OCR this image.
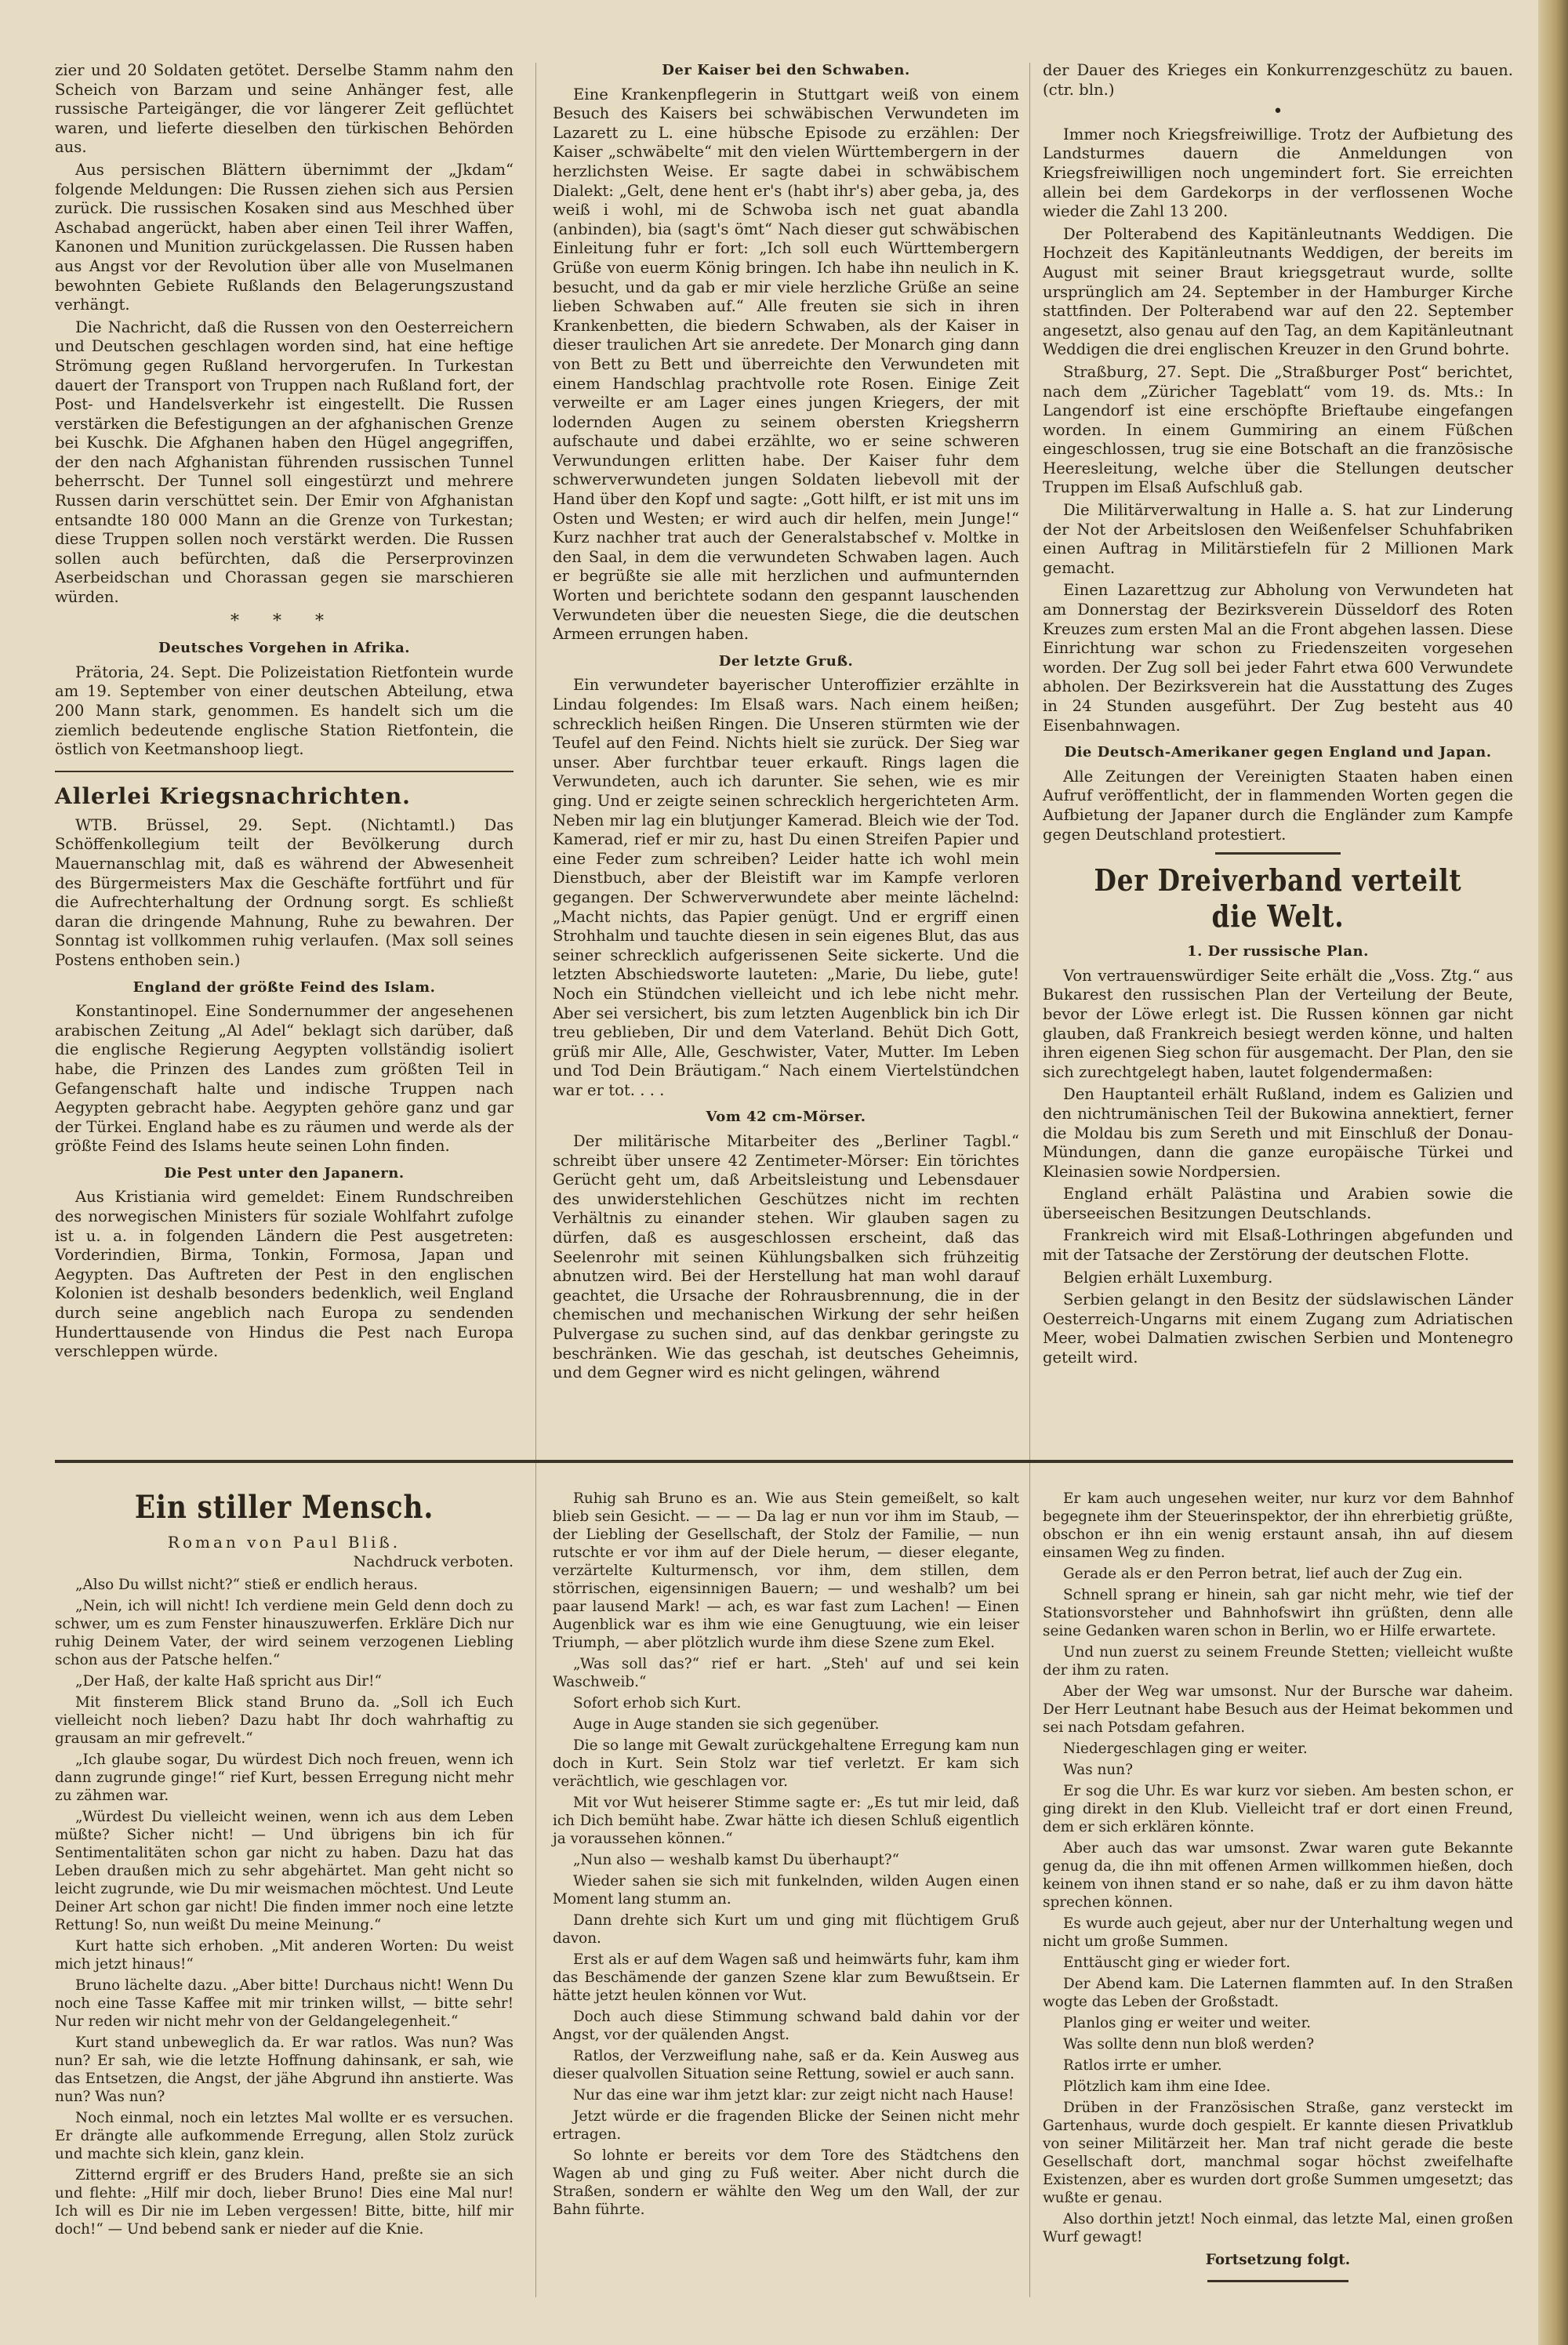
zier und 20 Soldaten getötet. Derselbe Stamm nahm den Scheich von Barzam und seine Anhänger fest, alle russische Parteigänger, die vor längerer Zeit geflüchtet waren, und lieferte dieselben den türkischen Behörden aus.

Aus persischen Blättern übernimmt der „Jkdam“ folgende Meldungen: Die Russen ziehen sich aus Persien zurück. Die russischen Kosaken sind aus Meschhed über Aschabad angerückt, haben aber einen Teil ihrer Waffen, Kanonen und Munition zurückgelassen. Die Russen haben aus Angst vor der Revolution über alle von Muselmanen bewohnten Gebiete Rußlands den Belagerungszustand verhängt.

Die Nachricht, daß die Russen von den Oesterreichern und Deutschen geschlagen worden sind, hat eine heftige Strömung gegen Rußland hervorgerufen. In Turkestan dauert der Transport von Truppen nach Rußland fort, der Post- und Handelsverkehr ist eingestellt. Die Russen verstärken die Befestigungen an der afghanischen Grenze bei Kuschk. Die Afghanen haben den Hügel angegriffen, der den nach Afghanistan führenden russischen Tunnel beherrscht. Der Tunnel soll eingestürzt und mehrere Russen darin verschüttet sein. Der Emir von Afghanistan entsandte 180 000 Mann an die Grenze von Turkestan; diese Truppen sollen noch verstärkt werden. Die Russen sollen auch befürchten, daß die Perserprovinzen Aserbeidschan und Chorassan gegen sie marschieren würden.

* * *
Deutsches Vorgehen in Afrika.

Prätoria, 24. Sept. Die Polizeistation Rietfontein wurde am 19. September von einer deutschen Abteilung, etwa 200 Mann stark, genommen. Es handelt sich um die ziemlich bedeutende englische Station Rietfontein, die östlich von Keetmanshoop liegt.

Allerlei Kriegsnachrichten.

WTB. Brüssel, 29. Sept. (Nichtamtl.) Das Schöffenkollegium teilt der Bevölkerung durch Mauernanschlag mit, daß es während der Abwesenheit des Bürgermeisters Max die Geschäfte fortführt und für die Aufrechterhaltung der Ordnung sorgt. Es schließt daran die dringende Mahnung, Ruhe zu bewahren. Der Sonntag ist vollkommen ruhig verlaufen. (Max soll seines Postens enthoben sein.)

England der größte Feind des Islam.

Konstantinopel. Eine Sondernummer der angesehenen arabischen Zeitung „Al Adel“ beklagt sich darüber, daß die englische Regierung Aegypten vollständig isoliert habe, die Prinzen des Landes zum größten Teil in Gefangenschaft halte und indische Truppen nach Aegypten gebracht habe. Aegypten gehöre ganz und gar der Türkei. England habe es zu räumen und werde als der größte Feind des Islams heute seinen Lohn finden.

Die Pest unter den Japanern.

Aus Kristiania wird gemeldet: Einem Rundschreiben des norwegischen Ministers für soziale Wohlfahrt zufolge ist u. a. in folgenden Ländern die Pest ausgetreten: Vorderindien, Birma, Tonkin, Formosa, Japan und Aegypten. Das Auftreten der Pest in den englischen Kolonien ist deshalb besonders bedenklich, weil England durch seine angeblich nach Europa zu sendenden Hunderttausende von Hindus die Pest nach Europa verschleppen würde.

Der Kaiser bei den Schwaben.

Eine Krankenpflegerin in Stuttgart weiß von einem Besuch des Kaisers bei schwäbischen Verwundeten im Lazarett zu L. eine hübsche Episode zu erzählen: Der Kaiser „schwäbelte“ mit den vielen Württembergern in der herzlichsten Weise. Er sagte dabei in schwäbischem Dialekt: „Gelt, dene hent er's (habt ihr's) aber geba, ja, des weiß i wohl, mi de Schwoba isch net guat abandla (anbinden), bia (sagt's ömt“ Nach dieser gut schwäbischen Einleitung fuhr er fort: „Ich soll euch Württembergern Grüße von euerm König bringen. Ich habe ihn neulich in K. besucht, und da gab er mir viele herzliche Grüße an seine lieben Schwaben auf.“ Alle freuten sie sich in ihren Krankenbetten, die biedern Schwaben, als der Kaiser in dieser traulichen Art sie anredete. Der Monarch ging dann von Bett zu Bett und überreichte den Verwundeten mit einem Handschlag prachtvolle rote Rosen. Einige Zeit verweilte er am Lager eines jungen Kriegers, der mit lodernden Augen zu seinem obersten Kriegsherrn aufschaute und dabei erzählte, wo er seine schweren Verwundungen erlitten habe. Der Kaiser fuhr dem schwerverwundeten jungen Soldaten liebevoll mit der Hand über den Kopf und sagte: „Gott hilft, er ist mit uns im Osten und Westen; er wird auch dir helfen, mein Junge!“ Kurz nachher trat auch der Generalstabschef v. Moltke in den Saal, in dem die verwundeten Schwaben lagen. Auch er begrüßte sie alle mit herzlichen und aufmunternden Worten und berichtete sodann den gespannt lauschenden Verwundeten über die neuesten Siege, die die deutschen Armeen errungen haben.

Der letzte Gruß.

Ein verwundeter bayerischer Unteroffizier erzählte in Lindau folgendes: Im Elsaß wars. Nach einem heißen; schrecklich heißen Ringen. Die Unseren stürmten wie der Teufel auf den Feind. Nichts hielt sie zurück. Der Sieg war unser. Aber furchtbar teuer erkauft. Rings lagen die Verwundeten, auch ich darunter. Sie sehen, wie es mir ging. Und er zeigte seinen schrecklich hergerichteten Arm. Neben mir lag ein blutjunger Kamerad. Bleich wie der Tod. Kamerad, rief er mir zu, hast Du einen Streifen Papier und eine Feder zum schreiben? Leider hatte ich wohl mein Dienstbuch, aber der Bleistift war im Kampfe verloren gegangen. Der Schwerverwundete aber meinte lächelnd: „Macht nichts, das Papier genügt. Und er ergriff einen Strohhalm und tauchte diesen in sein eigenes Blut, das aus seiner schrecklich aufgerissenen Seite sickerte. Und die letzten Abschiedsworte lauteten: „Marie, Du liebe, gute! Noch ein Stündchen vielleicht und ich lebe nicht mehr. Aber sei versichert, bis zum letzten Augenblick bin ich Dir treu geblieben, Dir und dem Vaterland. Behüt Dich Gott, grüß mir Alle, Alle, Geschwister, Vater, Mutter. Im Leben und Tod Dein Bräutigam.“ Nach einem Viertelstündchen war er tot. . . .

Vom 42 cm-Mörser.

Der militärische Mitarbeiter des „Berliner Tagbl.“ schreibt über unsere 42 Zentimeter-Mörser: Ein törichtes Gerücht geht um, daß Arbeitsleistung und Lebensdauer des unwiderstehlichen Geschützes nicht im rechten Verhältnis zu einander stehen. Wir glauben sagen zu dürfen, daß es ausgeschlossen erscheint, daß das Seelenrohr mit seinen Kühlungsbalken sich frühzeitig abnutzen wird. Bei der Herstellung hat man wohl darauf geachtet, die Ursache der Rohrausbrennung, die in der chemischen und mechanischen Wirkung der sehr heißen Pulvergase zu suchen sind, auf das denkbar geringste zu beschränken. Wie das geschah, ist deutsches Geheimnis, und dem Gegner wird es nicht gelingen, während

der Dauer des Krieges ein Konkurrenzgeschütz zu bauen. (ctr. bln.)

•

Immer noch Kriegsfreiwillige. Trotz der Aufbietung des Landsturmes dauern die Anmeldungen von Kriegsfreiwilligen noch ungemindert fort. Sie erreichten allein bei dem Gardekorps in der verflossenen Woche wieder die Zahl 13 200.

Der Polterabend des Kapitänleutnants Weddigen. Die Hochzeit des Kapitänleutnants Weddigen, der bereits im August mit seiner Braut kriegsgetraut wurde, sollte ursprünglich am 24. September in der Hamburger Kirche stattfinden. Der Polterabend war auf den 22. September angesetzt, also genau auf den Tag, an dem Kapitänleutnant Weddigen die drei englischen Kreuzer in den Grund bohrte.

Straßburg, 27. Sept. Die „Straßburger Post“ berichtet, nach dem „Züricher Tageblatt“ vom 19. ds. Mts.: In Langendorf ist eine erschöpfte Brieftaube eingefangen worden. In einem Gummiring an einem Füßchen eingeschlossen, trug sie eine Botschaft an die französische Heeresleitung, welche über die Stellungen deutscher Truppen im Elsaß Aufschluß gab.

Die Militärverwaltung in Halle a. S. hat zur Linderung der Not der Arbeitslosen den Weißenfelser Schuhfabriken einen Auftrag in Militärstiefeln für 2 Millionen Mark gemacht.

Einen Lazarettzug zur Abholung von Verwundeten hat am Donnerstag der Bezirksverein Düsseldorf des Roten Kreuzes zum ersten Mal an die Front abgehen lassen. Diese Einrichtung war schon zu Friedenszeiten vorgesehen worden. Der Zug soll bei jeder Fahrt etwa 600 Verwundete abholen. Der Bezirksverein hat die Ausstattung des Zuges in 24 Stunden ausgeführt. Der Zug besteht aus 40 Eisenbahnwagen.

Die Deutsch-Amerikaner gegen England und Japan.

Alle Zeitungen der Vereinigten Staaten haben einen Aufruf veröffentlicht, der in flammenden Worten gegen die Aufbietung der Japaner durch die Engländer zum Kampfe gegen Deutschland protestiert.

Der Dreiverband verteilt die Welt.
1. Der russische Plan.

Von vertrauenswürdiger Seite erhält die „Voss. Ztg.“ aus Bukarest den russischen Plan der Verteilung der Beute, bevor der Löwe erlegt ist. Die Russen können gar nicht glauben, daß Frankreich besiegt werden könne, und halten ihren eigenen Sieg schon für ausgemacht. Der Plan, den sie sich zurechtgelegt haben, lautet folgendermaßen:

Den Hauptanteil erhält Rußland, indem es Galizien und den nichtrumänischen Teil der Bukowina annektiert, ferner die Moldau bis zum Sereth und mit Einschluß der Donau-Mündungen, dann die ganze europäische Türkei und Kleinasien sowie Nordpersien.

England erhält Palästina und Arabien sowie die überseeischen Besitzungen Deutschlands.

Frankreich wird mit Elsaß-Lothringen abgefunden und mit der Tatsache der Zerstörung der deutschen Flotte.

Belgien erhält Luxemburg.

Serbien gelangt in den Besitz der südslawischen Länder Oesterreich-Ungarns mit einem Zugang zum Adriatischen Meer, wobei Dalmatien zwischen Serbien und Montenegro geteilt wird.

Ein stiller Mensch.
Roman von Paul Bliß.
Nachdruck verboten.

„Also Du willst nicht?“ stieß er endlich heraus.

„Nein, ich will nicht! Ich verdiene mein Geld denn doch zu schwer, um es zum Fenster hinauszuwerfen. Erkläre Dich nur ruhig Deinem Vater, der wird seinem verzogenen Liebling schon aus der Patsche helfen.“

„Der Haß, der kalte Haß spricht aus Dir!“

Mit finsterem Blick stand Bruno da. „Soll ich Euch vielleicht noch lieben? Dazu habt Ihr doch wahrhaftig zu grausam an mir gefrevelt.“

„Ich glaube sogar, Du würdest Dich noch freuen, wenn ich dann zugrunde ginge!“ rief Kurt, bessen Erregung nicht mehr zu zähmen war.

„Würdest Du vielleicht weinen, wenn ich aus dem Leben müßte? Sicher nicht! — Und übrigens bin ich für Sentimentalitäten schon gar nicht zu haben. Dazu hat das Leben draußen mich zu sehr abgehärtet. Man geht nicht so leicht zugrunde, wie Du mir weismachen möchtest. Und Leute Deiner Art schon gar nicht! Die finden immer noch eine letzte Rettung! So, nun weißt Du meine Meinung.“

Kurt hatte sich erhoben. „Mit anderen Worten: Du weist mich jetzt hinaus!“

Bruno lächelte dazu. „Aber bitte! Durchaus nicht! Wenn Du noch eine Tasse Kaffee mit mir trinken willst, — bitte sehr! Nur reden wir nicht mehr von der Geldangelegenheit.“

Kurt stand unbeweglich da. Er war ratlos. Was nun? Was nun? Er sah, wie die letzte Hoffnung dahinsank, er sah, wie das Entsetzen, die Angst, der jähe Abgrund ihn anstierte. Was nun? Was nun?

Noch einmal, noch ein letztes Mal wollte er es versuchen. Er drängte alle aufkommende Erregung, allen Stolz zurück und machte sich klein, ganz klein.

Zitternd ergriff er des Bruders Hand, preßte sie an sich und flehte: „Hilf mir doch, lieber Bruno! Dies eine Mal nur! Ich will es Dir nie im Leben vergessen! Bitte, bitte, hilf mir doch!“ — Und bebend sank er nieder auf die Knie.

Ruhig sah Bruno es an. Wie aus Stein gemeißelt, so kalt blieb sein Gesicht. — — — Da lag er nun vor ihm im Staub, — der Liebling der Gesellschaft, der Stolz der Familie, — nun rutschte er vor ihm auf der Diele herum, — dieser elegante, verzärtelte Kulturmensch, vor ihm, dem stillen, dem störrischen, eigensinnigen Bauern; — und weshalb? um bei paar lausend Mark! — ach, es war fast zum Lachen! — Einen Augenblick war es ihm wie eine Genugtuung, wie ein leiser Triumph, — aber plötzlich wurde ihm diese Szene zum Ekel.

„Was soll das?“ rief er hart. „Steh' auf und sei kein Waschweib.“

Sofort erhob sich Kurt.

Auge in Auge standen sie sich gegenüber.

Die so lange mit Gewalt zurückgehaltene Erregung kam nun doch in Kurt. Sein Stolz war tief verletzt. Er kam sich verächtlich, wie geschlagen vor.

Mit vor Wut heiserer Stimme sagte er: „Es tut mir leid, daß ich Dich bemüht habe. Zwar hätte ich diesen Schluß eigentlich ja voraussehen können.“

„Nun also — weshalb kamst Du überhaupt?“

Wieder sahen sie sich mit funkelnden, wilden Augen einen Moment lang stumm an.

Dann drehte sich Kurt um und ging mit flüchtigem Gruß davon.

Erst als er auf dem Wagen saß und heimwärts fuhr, kam ihm das Beschämende der ganzen Szene klar zum Bewußtsein. Er hätte jetzt heulen können vor Wut.

Doch auch diese Stimmung schwand bald dahin vor der Angst, vor der quälenden Angst.

Ratlos, der Verzweiflung nahe, saß er da. Kein Ausweg aus dieser qualvollen Situation seine Rettung, sowiel er auch sann.

Nur das eine war ihm jetzt klar: zur zeigt nicht nach Hause!

Jetzt würde er die fragenden Blicke der Seinen nicht mehr ertragen.

So lohnte er bereits vor dem Tore des Städtchens den Wagen ab und ging zu Fuß weiter. Aber nicht durch die Straßen, sondern er wählte den Weg um den Wall, der zur Bahn führte.

Er kam auch ungesehen weiter, nur kurz vor dem Bahnhof begegnete ihm der Steuerinspektor, der ihn ehrerbietig grüßte, obschon er ihn ein wenig erstaunt ansah, ihn auf diesem einsamen Weg zu finden.

Gerade als er den Perron betrat, lief auch der Zug ein.

Schnell sprang er hinein, sah gar nicht mehr, wie tief der Stationsvorsteher und Bahnhofswirt ihn grüßten, denn alle seine Gedanken waren schon in Berlin, wo er Hilfe erwartete.

Und nun zuerst zu seinem Freunde Stetten; vielleicht wußte der ihm zu raten.

Aber der Weg war umsonst. Nur der Bursche war daheim. Der Herr Leutnant habe Besuch aus der Heimat bekommen und sei nach Potsdam gefahren.

Niedergeschlagen ging er weiter.

Was nun?

Er sog die Uhr. Es war kurz vor sieben. Am besten schon, er ging direkt in den Klub. Vielleicht traf er dort einen Freund, dem er sich erklären könnte.

Aber auch das war umsonst. Zwar waren gute Bekannte genug da, die ihn mit offenen Armen willkommen hießen, doch keinem von ihnen stand er so nahe, daß er zu ihm davon hätte sprechen können.

Es wurde auch gejeut, aber nur der Unterhaltung wegen und nicht um große Summen.

Enttäuscht ging er wieder fort.

Der Abend kam. Die Laternen flammten auf. In den Straßen wogte das Leben der Großstadt.

Planlos ging er weiter und weiter.

Was sollte denn nun bloß werden?

Ratlos irrte er umher.

Plötzlich kam ihm eine Idee.

Drüben in der Französischen Straße, ganz versteckt im Gartenhaus, wurde doch gespielt. Er kannte diesen Privatklub von seiner Militärzeit her. Man traf nicht gerade die beste Gesellschaft dort, manchmal sogar höchst zweifelhafte Existenzen, aber es wurden dort große Summen umgesetzt; das wußte er genau.

Also dorthin jetzt! Noch einmal, das letzte Mal, einen großen Wurf gewagt!

Fortsetzung folgt.
